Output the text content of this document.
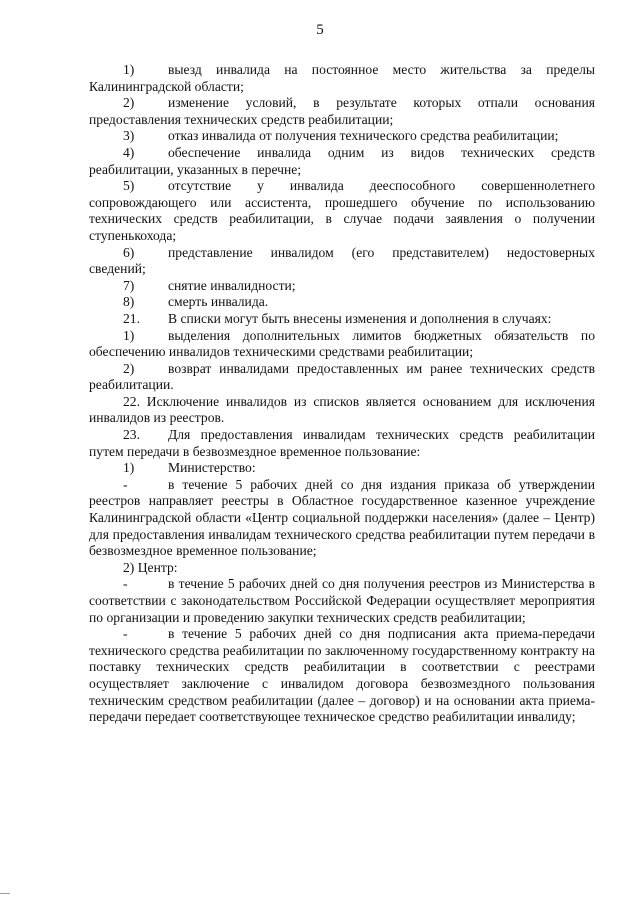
5

1) выезд инвалида на постоянное место жительства за пределы Калининградской области;

2) изменение условий, в результате которых отпали основания предоставления технических средств реабилитации;

3) отказ инвалида от получения технического средства реабилитации;

4) обеспечение инвалида одним из видов технических средств реабилитации, указанных в перечне;

5) отсутствие у инвалида дееспособного совершеннолетнего сопровождающего или ассистента, прошедшего обучение по использованию технических средств реабилитации, в случае подачи заявления о получении ступенькохода;

6) представление инвалидом (его представителем) недостоверных сведений;

7) снятие инвалидности;

8) смерть инвалида.

21. В списки могут быть внесены изменения и дополнения в случаях:

1) выделения дополнительных лимитов бюджетных обязательств по обеспечению инвалидов техническими средствами реабилитации;

2) возврат инвалидами предоставленных им ранее технических средств реабилитации.

22. Исключение инвалидов из списков является основанием для исключения инвалидов из реестров.

23. Для предоставления инвалидам технических средств реабилитации путем передачи в безвозмездное временное пользование:

1) Министерство:

-	в течение 5 рабочих дней со дня издания приказа об утверждении реестров направляет реестры в Областное государственное казенное учреждение Калининградской области «Центр социальной поддержки населения» (далее – Центр) для предоставления инвалидам технического средства реабилитации путем передачи в безвозмездное временное пользование;

2) Центр:

-	в течение 5 рабочих дней со дня получения реестров из Министерства в соответствии с законодательством Российской Федерации осуществляет мероприятия по организации и проведению закупки технических средств реабилитации;

-	в течение 5 рабочих дней со дня подписания акта приема-передачи технического средства реабилитации по заключенному государственному контракту на поставку технических средств реабилитации в соответствии с реестрами осуществляет заключение с инвалидом договора безвозмездного пользования техническим средством реабилитации (далее – договор) и на основании акта приема-передачи передает соответствующее техническое средство реабилитации инвалиду;
